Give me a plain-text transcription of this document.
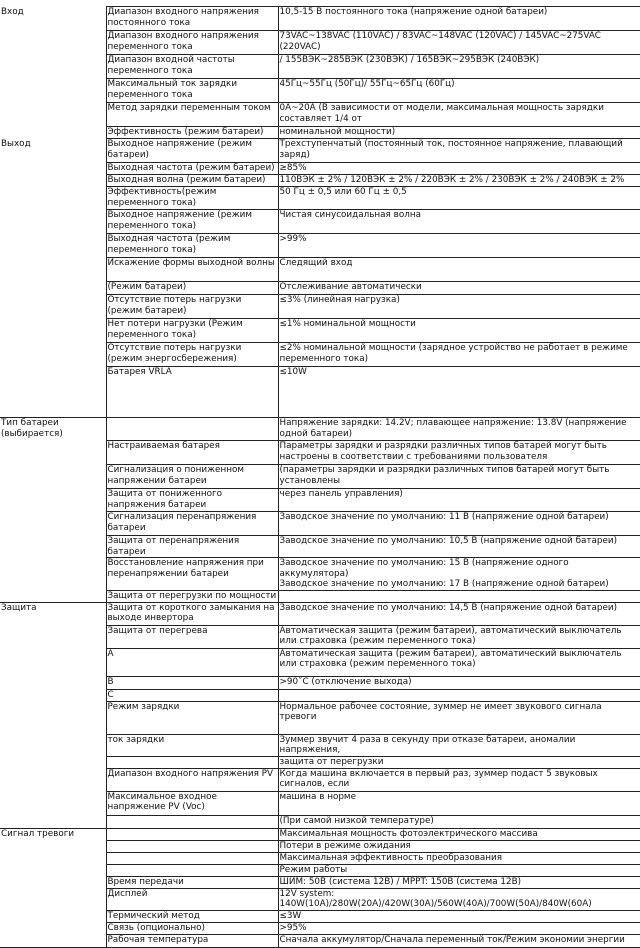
Вход	Диапазон входного напряжения постоянного тока	10,5-15 В постоянного тока (напряжение одной батареи)
	Диапазон входного напряжения переменного тока	73VAC~138VAC (110VAC) / 83VAC~148VAC (120VAC) / 145VAC~275VAC (220VAC)
	Диапазон входной частоты переменного тока	/ 155ВЭК~285ВЭК (230ВЭК) / 165ВЭК~295ВЭК (240ВЭК)
	Максимальный ток зарядки переменного тока	45Гц~55Гц (50Гц)/ 55Гц~65Гц (60Гц)
	Метод зарядки переменным током	0А~20А (В зависимости от модели, максимальная мощность зарядки составляет 1/4 от
	Эффективность (режим батареи)	номинальной мощности)
Выход	Выходное напряжение (режим батареи)	Трехступенчатый (постоянный ток, постоянное напряжение, плавающий заряд)
	Выходная частота (режим батареи)	≥85%
	Выходная волна (режим батареи)	110ВЭК ± 2% / 120ВЭК ± 2% / 220ВЭК ± 2% / 230ВЭК ± 2% / 240ВЭК ± 2%
	Эффективность(режим переменного тока)	50 Гц ± 0,5 или 60 Гц ± 0,5
	Выходное напряжение (режим переменного тока)	Чистая синусоидальная волна
	Выходная частота (режим переменного тока)	>99%
	Искажение формы выходной волны	Следящий вход
	(Режим батареи)	Отслеживание автоматически
	Отсутствие потерь нагрузки (режим батареи)	≤3% (линейная нагрузка)
	Нет потери нагрузки (Режим переменного тока)	≤1% номинальной мощности
	Отсутствие потерь нагрузки (режим энергосбережения)	≤2% номинальной мощности (зарядное устройство не работает в режиме переменного тока)
	Батарея VRLA	≤10W
Тип батареи (выбирается)		Напряжение зарядки: 14.2V; плавающее напряжение: 13.8V (напряжение одной батареи)
	Настраиваемая батарея	Параметры зарядки и разрядки различных типов батарей могут быть настроены в соответствии с требованиями пользователя
	Сигнализация о пониженном напряжении батареи	(параметры зарядки и разрядки различных типов батарей могут быть установлены
	Защита от пониженного напряжения батареи	через панель управления)
	Сигнализация перенапряжения батареи	Заводское значение по умолчанию: 11 В (напряжение одной батареи)
	Защита от перенапряжения батареи	Заводское значение по умолчанию: 10,5 В (напряжение одной батареи)
	Восстановление напряжения при перенапряжении батареи	Заводское значение по умолчанию: 15 В (напряжение одного аккумулятора)
Заводское значение по умолчанию: 17 В (напряжение одной батареи)
	Защита от перегрузки по мощности	
Защита	Защита от короткого замыкания на выходе инвертора	Заводское значение по умолчанию: 14,5 В (напряжение одной батареи)
	Защита от перегрева	Автоматическая защита (режим батареи), автоматический выключатель или страховка (режим переменного тока)
	А	Автоматическая защита (режим батареи), автоматический выключатель или страховка (режим переменного тока)
	В	>90˚С (отключение выхода)
	С	
	Режим зарядки	Нормальное рабочее состояние, зуммер не имеет звукового сигнала тревоги
	ток зарядки	Зуммер звучит 4 раза в секунду при отказе батареи, аномалии напряжения,
		защита от перегрузки
	Диапазон входного напряжения PV	Когда машина включается в первый раз, зуммер подаст 5 звуковых сигналов, если
	Максимальное входное напряжение PV (Voc)	машина в норме
		(При самой низкой температуре)
Сигнал тревоги		Максимальная мощность фотоэлектрического массива
		Потери в режиме ожидания
		Максимальная эффективность преобразования
		Режим работы
	Время передачи	ШИМ: 50В (система 12В) / MPPT: 150В (система 12В)
	Дисплей	12V system: 140W(10A)/280W(20A)/420W(30A)/560W(40A)/700W(50A)/840W(60A)
	Термический метод	≤3W
	Связь (опционально)	>95%
	Рабочая температура	Сначала аккумулятор/Сначала переменный ток/Режим экономии энергии
